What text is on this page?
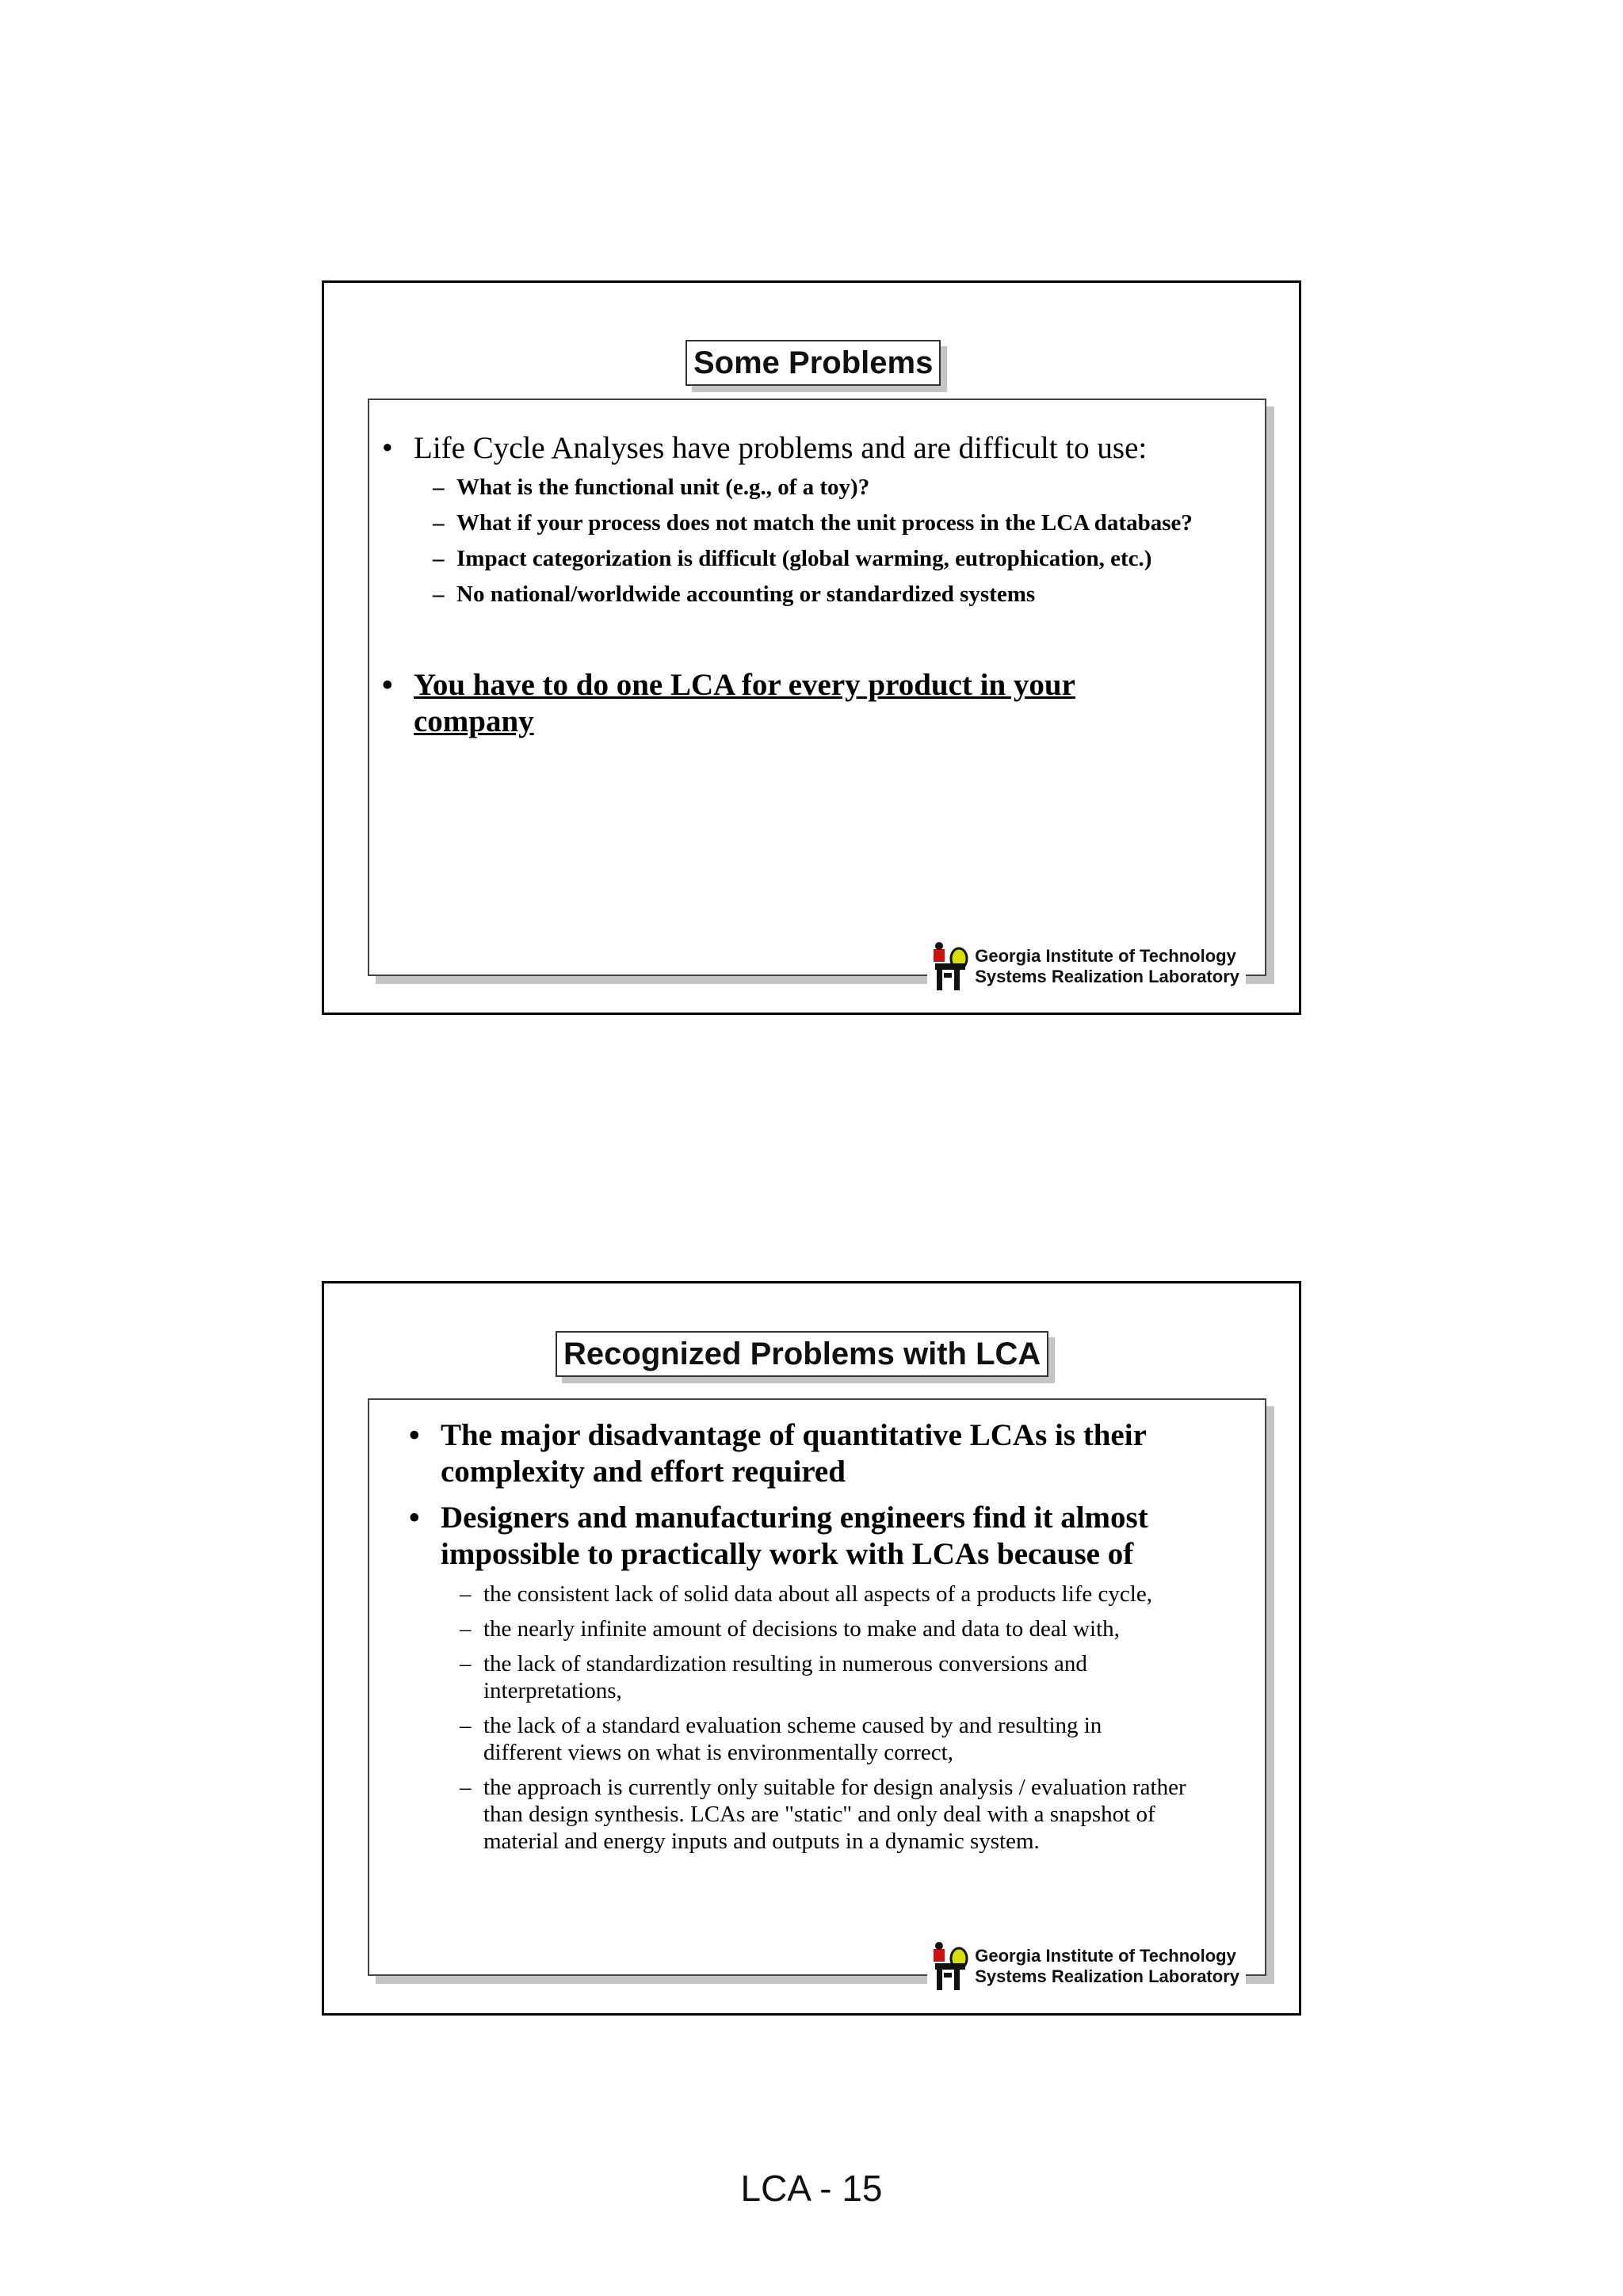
Some Problems
• Life Cycle Analyses have problems and are difficult to use:
– What is the functional unit (e.g., of a toy)?
– What if your process does not match the unit process in the LCA database?
– Impact categorization is difficult (global warming, eutrophication, etc.)
– No national/worldwide accounting or standardized systems
• You have to do one LCA for every product in your company
Georgia Institute of Technology
Systems Realization Laboratory
Recognized Problems with LCA
• The major disadvantage of quantitative LCAs is their complexity and effort required
• Designers and manufacturing engineers find it almost impossible to practically work with LCAs because of
– the consistent lack of solid data about all aspects of a products life cycle,
– the nearly infinite amount of decisions to make and data to deal with,
– the lack of standardization resulting in numerous conversions and interpretations,
– the lack of a standard evaluation scheme caused by and resulting in different views on what is environmentally correct,
– the approach is currently only suitable for design analysis / evaluation rather than design synthesis. LCAs are "static" and only deal with a snapshot of material and energy inputs and outputs in a dynamic system.
Georgia Institute of Technology
Systems Realization Laboratory
LCA - 15
